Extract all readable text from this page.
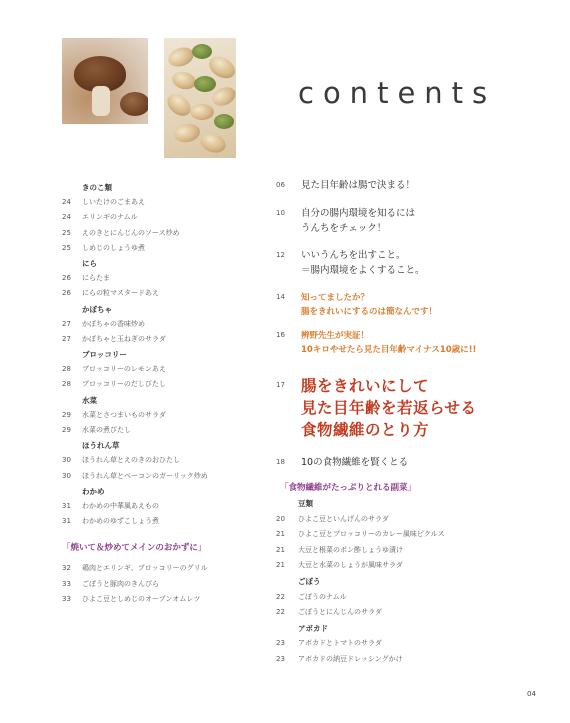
contents
きのこ類
24 しいたけのごまあえ
24 エリンギのナムル
25 えのきとにんじんのソース炒め
25 しめじのしょうゆ煮
にら
26 にらたま
26 にらの粒マスタードあえ
かぼちゃ
27 かぼちゃの香味炒め
27 かぼちゃと玉ねぎのサラダ
ブロッコリー
28 ブロッコリーのレモンあえ
28 ブロッコリーのだしびたし
水菜
29 水菜とさつまいものサラダ
29 水菜の煮びたし
ほうれん草
30 ほうれん草とえのきのおひたし
30 ほうれん草とベーコンのガーリック炒め
わかめ
31 わかめの中華風あえもの
31 わかめのゆずこしょう煮
「焼いて＆炒めてメインのおかずに」
32 鶏肉とエリンギ、ブロッコリーのグリル
33 ごぼうと豚肉のきんぴら
33 ひよこ豆としめじのオープンオムレツ
06 見た目年齢は腸で決まる！
10 自分の腸内環境を知るには
うんちをチェック！
12 いいうんちを出すこと。
＝腸内環境をよくすること。
14 知ってましたか？
腸をきれいにするのは簡なんです！
16 辨野先生が実証！
10キロやせたら見た目年齢マイナス10歳に!!
17 腸をきれいにして
見た目年齢を若返らせる
食物繊維のとり方
18 10の食物繊維を賢くとる
「食物繊維がたっぷりとれる副菜」
豆類
20 ひよこ豆といんげんのサラダ
21 ひよこ豆とブロッコリーのカレー風味ピクルス
21 大豆と根菜のポン酢しょうゆ漬け
21 大豆と水菜のしょうが風味サラダ
ごぼう
22 ごぼうのナムル
22 ごぼうとにんじんのサラダ
アボカド
23 アボカドとトマトのサラダ
23 アボカドの納豆ドレッシングかけ
04
